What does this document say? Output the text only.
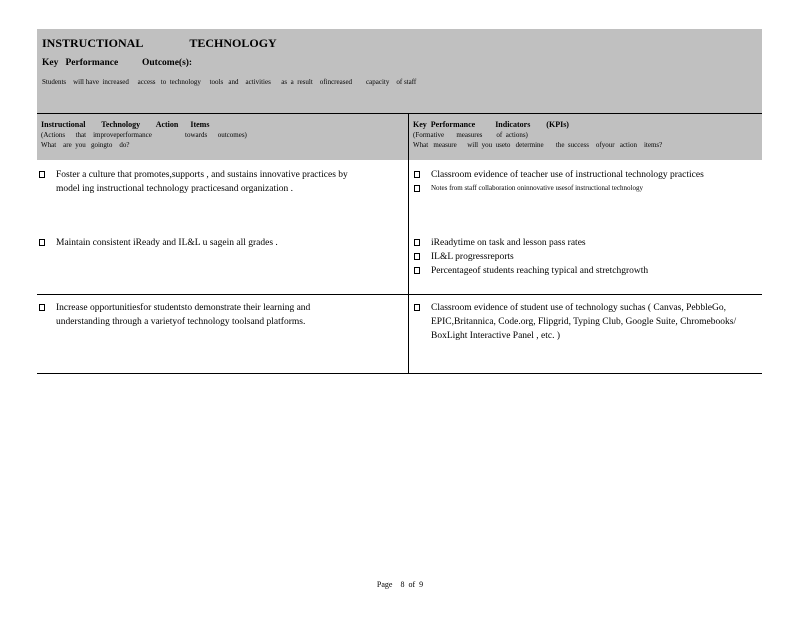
INSTRUCTIONAL	TECHNOLOGY
Key   Performance          Outcome(s):
Students    will have  increased     access   to  technology     tools   and    activities      as  a  result    ofincreased        capacity    of staff
Instructional        Technology        Action      Items
(Actions      that    improveperformance                   towards      outcomes)
What    are  you   goingto    do?
Key  Performance          Indicators        (KPIs)
(Formative       measures        of  actions)
What   measure      will  you  useto   determine       the  success    ofyour   action    items?
Foster a culture that promotes,supports , and sustains innovative practices by model ing instructional technology practicesand organization .
Maintain consistent iReady and IL&L u sagein all grades .
Classroom evidence of teacher use of instructional technology practices
Notes from staff collaboration oninnovative usesof instructional technology
iReadytime on task and lesson pass rates
IL&L progressreports
Percentageof students reaching typical and stretchgrowth
Increase opportunitiesfor studentsto demonstrate their learning and understanding through a varietyof technology toolsand platforms.
Classroom evidence of student use of technology suchas ( Canvas, PebbleGo, EPIC,Britannica, Code.org, Flipgrid, Typing Club, Google Suite, Chromebooks/ BoxLight Interactive Panel , etc. )
Page    8  of  9
